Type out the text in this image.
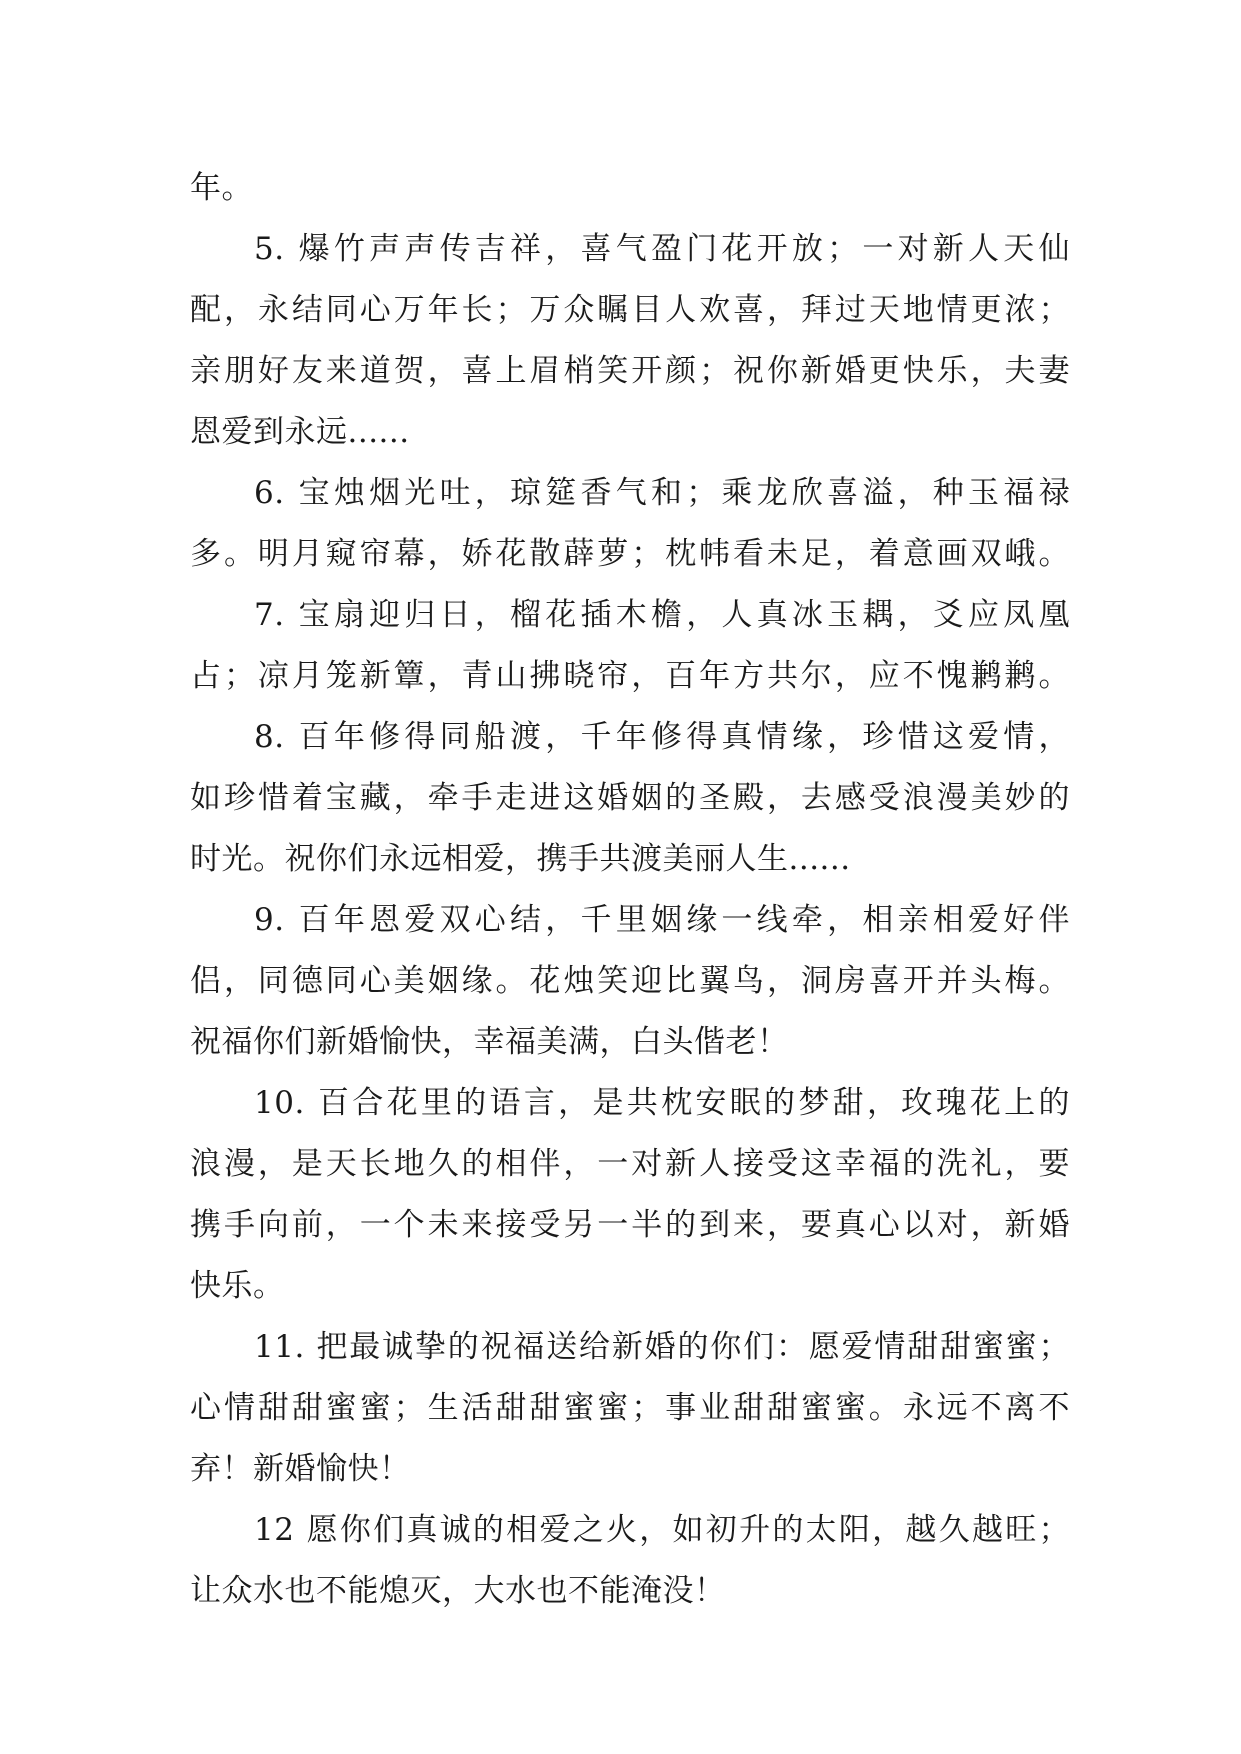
年。
5. 爆竹声声传吉祥，喜气盈门花开放；一对新人天仙
配，永结同心万年长；万众瞩目人欢喜，拜过天地情更浓；
亲朋好友来道贺，喜上眉梢笑开颜；祝你新婚更快乐，夫妻
恩爱到永远......
6. 宝烛烟光吐，琼筵香气和；乘龙欣喜溢，种玉福禄
多。明月窥帘幕，娇花散薜萝；枕帏看未足，着意画双峨。
7. 宝扇迎归日，榴花插木檐，人真冰玉耦，爻应凤凰
占；凉月笼新簟，青山拂晓帘，百年方共尔，应不愧鹣鹣。
8. 百年修得同船渡，千年修得真情缘，珍惜这爱情，
如珍惜着宝藏，牵手走进这婚姻的圣殿，去感受浪漫美妙的
时光。祝你们永远相爱，携手共渡美丽人生......
9. 百年恩爱双心结，千里姻缘一线牵，相亲相爱好伴
侣，同德同心美姻缘。花烛笑迎比翼鸟，洞房喜开并头梅。
祝福你们新婚愉快，幸福美满，白头偕老！
10. 百合花里的语言，是共枕安眠的梦甜，玫瑰花上的
浪漫，是天长地久的相伴，一对新人接受这幸福的洗礼，要
携手向前，一个未来接受另一半的到来，要真心以对，新婚
快乐。
11. 把最诚挚的祝福送给新婚的你们：愿爱情甜甜蜜蜜；
心情甜甜蜜蜜；生活甜甜蜜蜜；事业甜甜蜜蜜。永远不离不
弃！新婚愉快！
12 愿你们真诚的相爱之火，如初升的太阳，越久越旺；
让众水也不能熄灭，大水也不能淹没！
